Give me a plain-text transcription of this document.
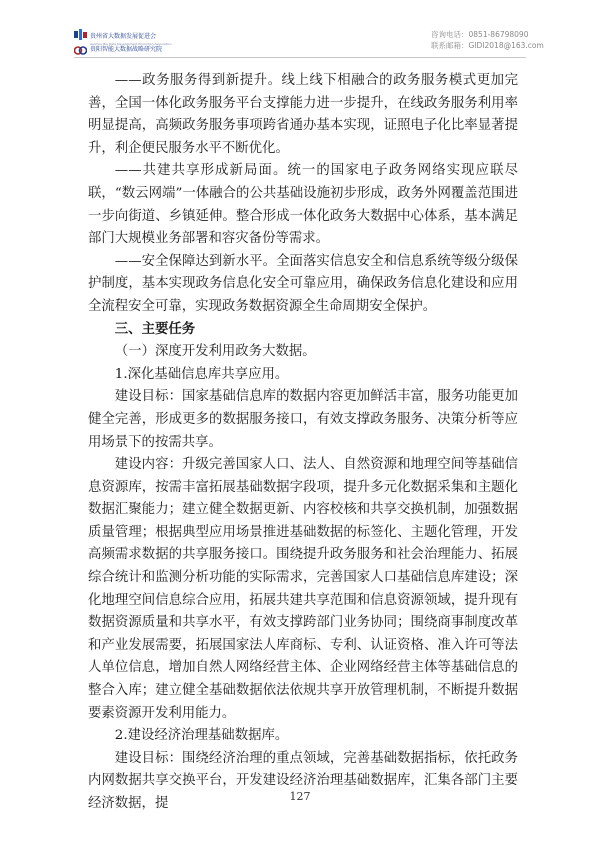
贵州省大数据发展促进会
Guizhou Big Data Development Promotion Association
贵阳智能大数据战略研究院
咨询电话：0851-86798090
联系邮箱：GIDI2018@163.com

——政务服务得到新提升。线上线下相融合的政务服务模式更加完善，全国一体化政务服务平台支撑能力进一步提升，在线政务服务利用率明显提高，高频政务服务事项跨省通办基本实现，证照电子化比率显著提升，利企便民服务水平不断优化。

——共建共享形成新局面。统一的国家电子政务网络实现应联尽联，“数云网端”一体融合的公共基础设施初步形成，政务外网覆盖范围进一步向街道、乡镇延伸。整合形成一体化政务大数据中心体系，基本满足部门大规模业务部署和容灾备份等需求。

——安全保障达到新水平。全面落实信息安全和信息系统等级分级保护制度，基本实现政务信息化安全可靠应用，确保政务信息化建设和应用全流程安全可靠，实现政务数据资源全生命周期安全保护。

三、主要任务

（一）深度开发利用政务大数据。

1.深化基础信息库共享应用。

建设目标：国家基础信息库的数据内容更加鲜活丰富，服务功能更加健全完善，形成更多的数据服务接口，有效支撑政务服务、决策分析等应用场景下的按需共享。

建设内容：升级完善国家人口、法人、自然资源和地理空间等基础信息资源库，按需丰富拓展基础数据字段项，提升多元化数据采集和主题化数据汇聚能力；建立健全数据更新、内容校核和共享交换机制，加强数据质量管理；根据典型应用场景推进基础数据的标签化、主题化管理，开发高频需求数据的共享服务接口。围绕提升政务服务和社会治理能力、拓展综合统计和监测分析功能的实际需求，完善国家人口基础信息库建设；深化地理空间信息综合应用，拓展共建共享范围和信息资源领域，提升现有数据资源质量和共享水平，有效支撑跨部门业务协同；围绕商事制度改革和产业发展需要，拓展国家法人库商标、专利、认证资格、准入许可等法人单位信息，增加自然人网络经营主体、企业网络经营主体等基础信息的整合入库；建立健全基础数据依法依规共享开放管理机制，不断提升数据要素资源开发利用能力。

2.建设经济治理基础数据库。

建设目标：围绕经济治理的重点领域，完善基础数据指标，依托政务内网数据共享交换平台，开发建设经济治理基础数据库，汇集各部门主要经济数据，提	127
